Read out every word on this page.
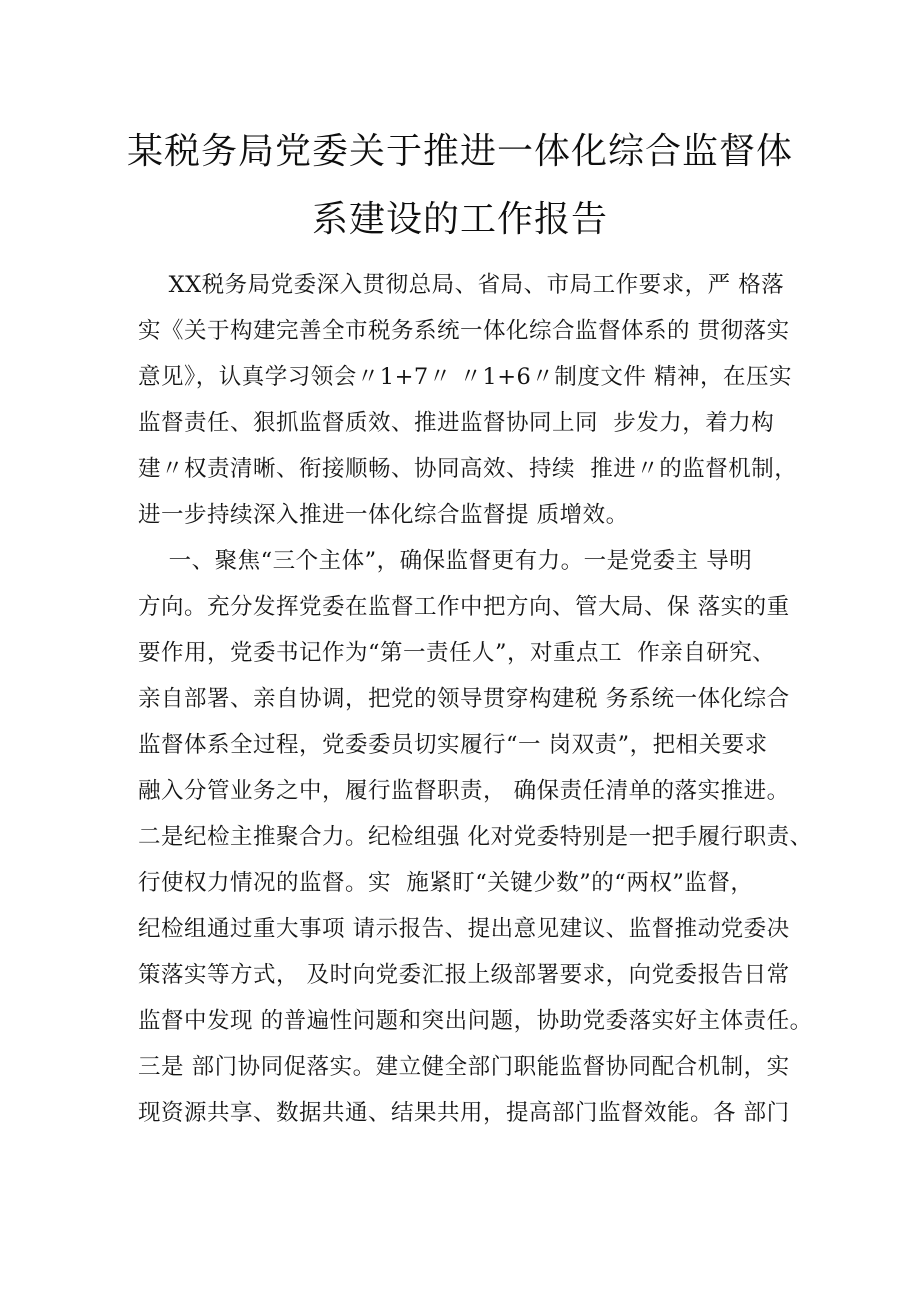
某税务局党委关于推进一体化综合监督体
系建设的工作报告
XX税务局党委深入贯彻总局、省局、市局工作要求，严 格落
实《关于构建完善全市税务系统一体化综合监督体系的 贯彻落实
意见》，认真学习领会〃1+7〃 〃1+6〃制度文件 精神，在压实
监督责任、狠抓监督质效、推进监督协同上同  步发力，着力构
建〃权责清晰、衔接顺畅、协同高效、持续  推进〃的监督机制，
进一步持续深入推进一体化综合监督提 质增效。
一、聚焦“三个主体”，确保监督更有力。一是党委主 导明
方向。充分发挥党委在监督工作中把方向、管大局、保 落实的重
要作用，党委书记作为“第一责任人”，对重点工  作亲自研究、
亲自部署、亲自协调，把党的领导贯穿构建税 务系统一体化综合
监督体系全过程，党委委员切实履行“一 岗双责”，把相关要求
融入分管业务之中，履行监督职责， 确保责任清单的落实推进。
二是纪检主推聚合力。纪检组强 化对党委特别是一把手履行职责、
行使权力情况的监督。实  施紧盯“关键少数”的“两权”监督，
纪检组通过重大事项 请示报告、提出意见建议、监督推动党委决
策落实等方式， 及时向党委汇报上级部署要求，向党委报告日常
监督中发现 的普遍性问题和突出问题，协助党委落实好主体责任。
三是 部门协同促落实。建立健全部门职能监督协同配合机制，实
现资源共享、数据共通、结果共用，提高部门监督效能。各 部门
